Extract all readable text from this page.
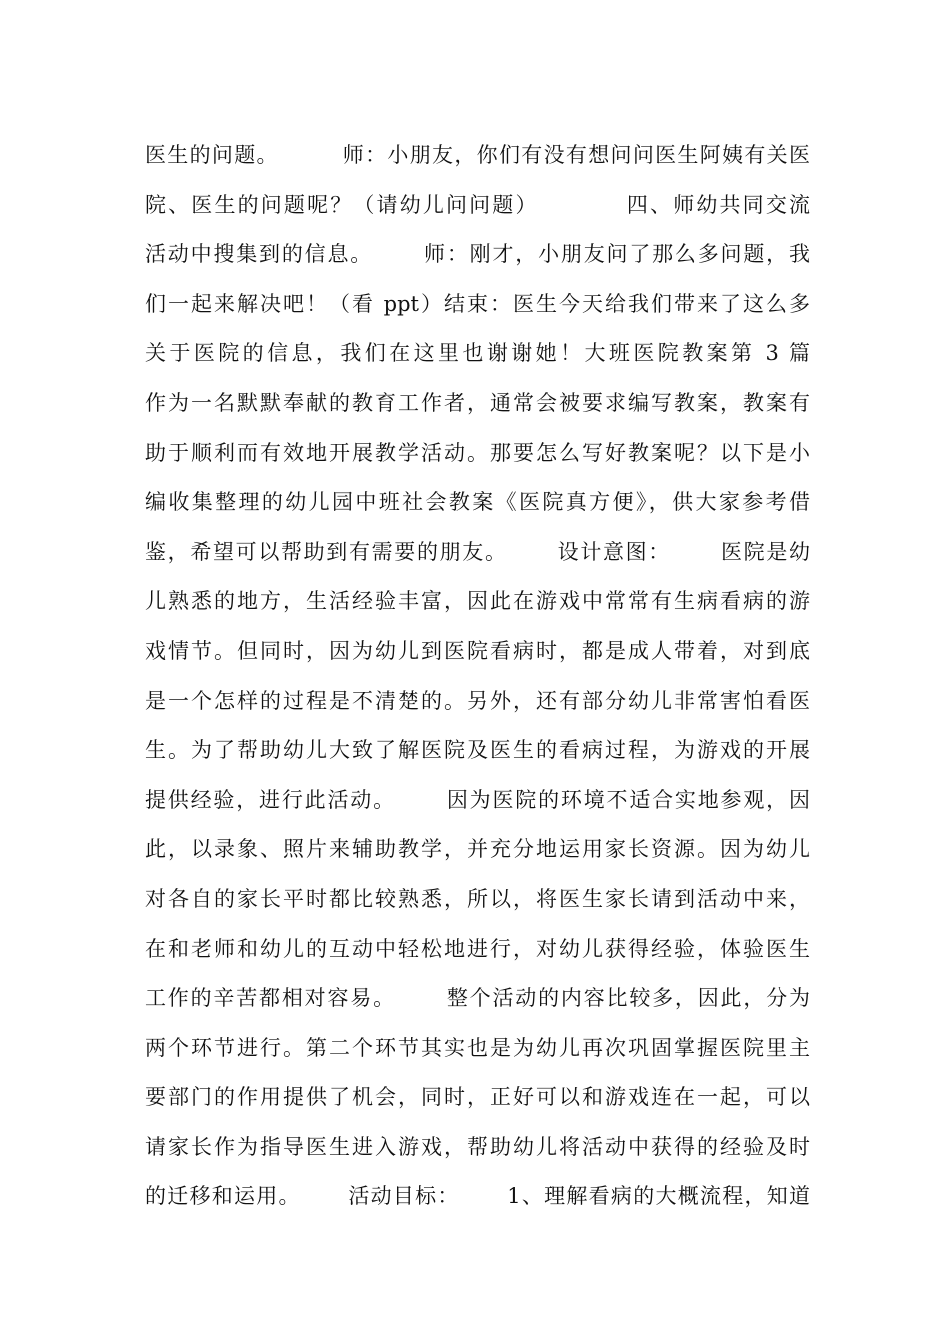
医生的问题。        师：小朋友，你们有没有想问问医生阿姨有关医
院、医生的问题呢？（请幼儿问问题）          四、师幼共同交流
活动中搜集到的信息。      师：刚才，小朋友问了那么多问题，我
们一起来解决吧！（看 ppt）结束：医生今天给我们带来了这么多
关于医院的信息，我们在这里也谢谢她！大班医院教案第 3 篇
作为一名默默奉献的教育工作者，通常会被要求编写教案，教案有
助于顺利而有效地开展教学活动。那要怎么写好教案呢？以下是小
编收集整理的幼儿园中班社会教案《医院真方便》，供大家参考借
鉴，希望可以帮助到有需要的朋友。      设计意图：      医院是幼
儿熟悉的地方，生活经验丰富，因此在游戏中常常有生病看病的游
戏情节。但同时，因为幼儿到医院看病时，都是成人带着，对到底
是一个怎样的过程是不清楚的。另外，还有部分幼儿非常害怕看医
生。为了帮助幼儿大致了解医院及医生的看病过程，为游戏的开展
提供经验，进行此活动。      因为医院的环境不适合实地参观，因
此，以录象、照片来辅助教学，并充分地运用家长资源。因为幼儿
对各自的家长平时都比较熟悉，所以，将医生家长请到活动中来，
在和老师和幼儿的互动中轻松地进行，对幼儿获得经验，体验医生
工作的辛苦都相对容易。      整个活动的内容比较多，因此，分为
两个环节进行。第二个环节其实也是为幼儿再次巩固掌握医院里主
要部门的作用提供了机会，同时，正好可以和游戏连在一起，可以
请家长作为指导医生进入游戏，帮助幼儿将活动中获得的经验及时
的迁移和运用。      活动目标：      1、理解看病的大概流程，知道
